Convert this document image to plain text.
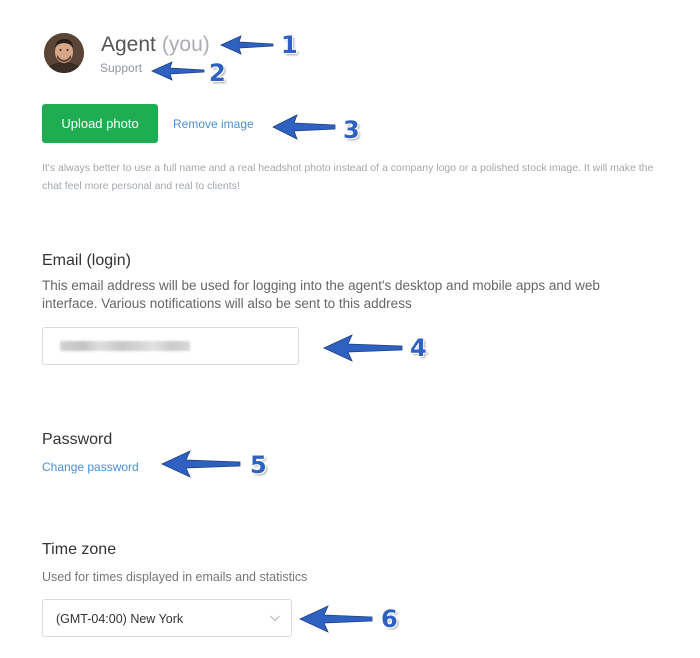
Agent (you)
Support
Upload photo	Remove image
It's always better to use a full name and a real headshot photo instead of a company logo or a polished stock image. It will make the chat feel more personal and real to clients!
Email (login)
This email address will be used for logging into the agent's desktop and mobile apps and web interface. Various notifications will also be sent to this address
Password
Change password
Time zone
Used for times displayed in emails and statistics
(GMT-04:00) New York
1
2
3
4
5
6
